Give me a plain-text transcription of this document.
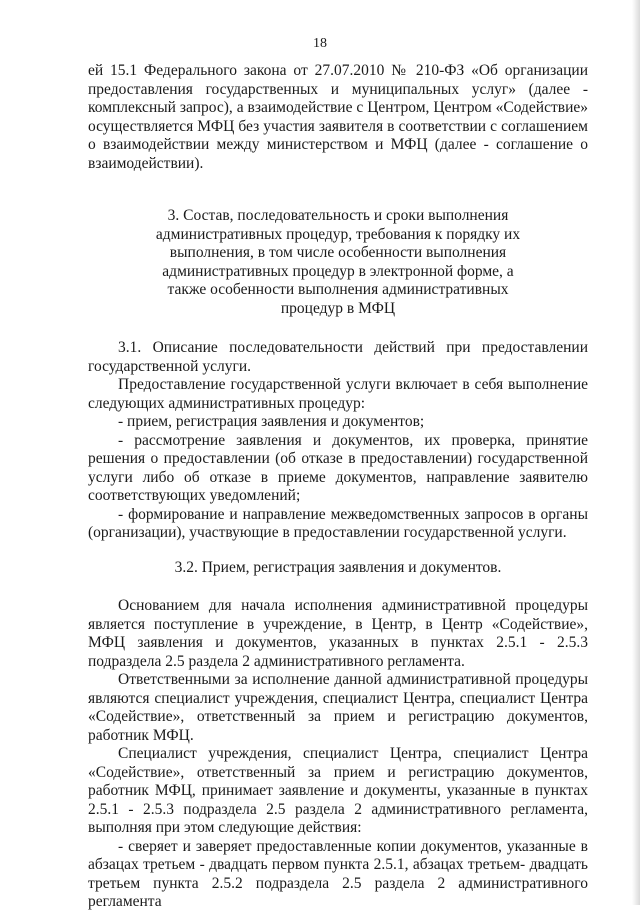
18

ей 15.1 Федерального закона от 27.07.2010 № 210-ФЗ «Об организации предоставления государственных и муниципальных услуг» (далее - комплексный запрос), а взаимодействие с Центром, Центром «Содействие» осуществляется МФЦ без участия заявителя в соответствии с соглашением о взаимодействии между министерством и МФЦ (далее - соглашение о взаимодействии).

3. Состав, последовательность и сроки выполнения административных процедур, требования к порядку их выполнения, в том числе особенности выполнения административных процедур в электронной форме, а также особенности выполнения административных процедур в МФЦ

3.1. Описание последовательности действий при предоставлении государственной услуги.

Предоставление государственной услуги включает в себя выполнение следующих административных процедур:

- прием, регистрация заявления и документов;

- рассмотрение заявления и документов, их проверка, принятие решения о предоставлении (об отказе в предоставлении) государственной услуги либо об отказе в приеме документов, направление заявителю соответствующих уведомлений;

- формирование и направление межведомственных запросов в органы (организации), участвующие в предоставлении государственной услуги.

3.2. Прием, регистрация заявления и документов.

Основанием для начала исполнения административной процедуры является поступление в учреждение, в Центр, в Центр «Содействие», МФЦ заявления и документов, указанных в пунктах 2.5.1 - 2.5.3 подраздела 2.5 раздела 2 административного регламента.

Ответственными за исполнение данной административной процедуры являются специалист учреждения, специалист Центра, специалист Центра «Содействие», ответственный за прием и регистрацию документов, работник МФЦ.

Специалист учреждения, специалист Центра, специалист Центра «Содействие», ответственный за прием и регистрацию документов, работник МФЦ, принимает заявление и документы, указанные в пунктах 2.5.1 - 2.5.3 подраздела 2.5 раздела 2 административного регламента, выполняя при этом следующие действия:

- сверяет и заверяет предоставленные копии документов, указанные в абзацах третьем - двадцать первом пункта 2.5.1, абзацах третьем- двадцать третьем пункта 2.5.2 подраздела 2.5 раздела 2 административного регламента
